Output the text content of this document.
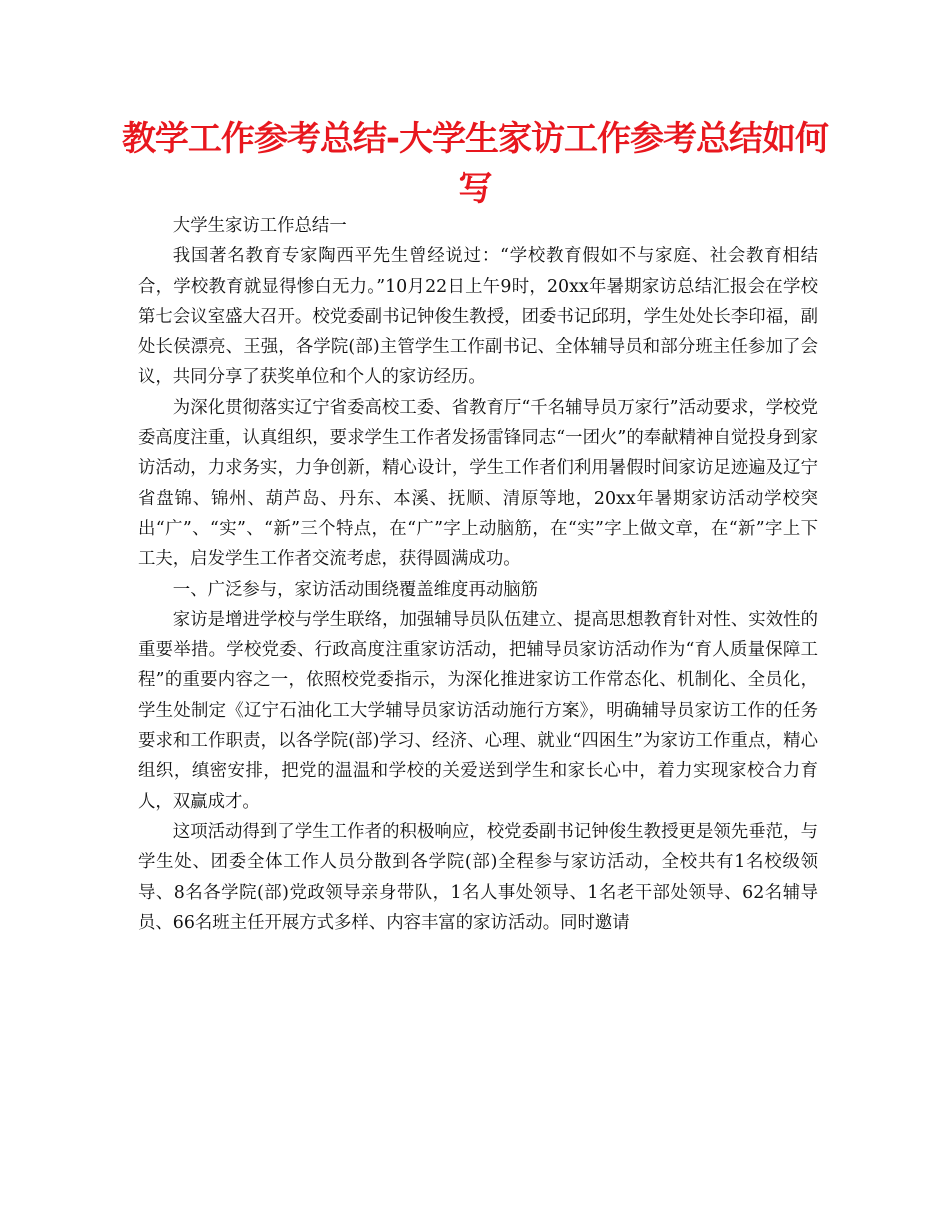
教学工作参考总结-大学生家访工作参考总结如何写

大学生家访工作总结一

我国著名教育专家陶西平先生曾经说过：“学校教育假如不与家庭、社会教育相结合，学校教育就显得惨白无力。”10月22日上午9时，20xx年暑期家访总结汇报会在学校第七会议室盛大召开。校党委副书记钟俊生教授，团委书记邱玥，学生处处长李印福，副处长侯漂亮、王强，各学院(部)主管学生工作副书记、全体辅导员和部分班主任参加了会议，共同分享了获奖单位和个人的家访经历。

为深化贯彻落实辽宁省委高校工委、省教育厅“千名辅导员万家行”活动要求，学校党委高度注重，认真组织，要求学生工作者发扬雷锋同志“一团火”的奉献精神自觉投身到家访活动，力求务实，力争创新，精心设计，学生工作者们利用暑假时间家访足迹遍及辽宁省盘锦、锦州、葫芦岛、丹东、本溪、抚顺、清原等地，20xx年暑期家访活动学校突出“广”、“实”、“新”三个特点，在“广”字上动脑筋，在“实”字上做文章，在“新”字上下工夫，启发学生工作者交流考虑，获得圆满成功。

一、广泛参与，家访活动围绕覆盖维度再动脑筋

家访是增进学校与学生联络，加强辅导员队伍建立、提高思想教育针对性、实效性的重要举措。学校党委、行政高度注重家访活动，把辅导员家访活动作为“育人质量保障工程”的重要内容之一，依照校党委指示，为深化推进家访工作常态化、机制化、全员化，学生处制定《辽宁石油化工大学辅导员家访活动施行方案》，明确辅导员家访工作的任务要求和工作职责，以各学院(部)学习、经济、心理、就业“四困生”为家访工作重点，精心组织，缜密安排，把党的温温和学校的关爱送到学生和家长心中，着力实现家校合力育人，双赢成才。

这项活动得到了学生工作者的积极响应，校党委副书记钟俊生教授更是领先垂范，与学生处、团委全体工作人员分散到各学院(部)全程参与家访活动，全校共有1名校级领导、8名各学院(部)党政领导亲身带队，1名人事处领导、1名老干部处领导、62名辅导员、66名班主任开展方式多样、内容丰富的家访活动。同时邀请
